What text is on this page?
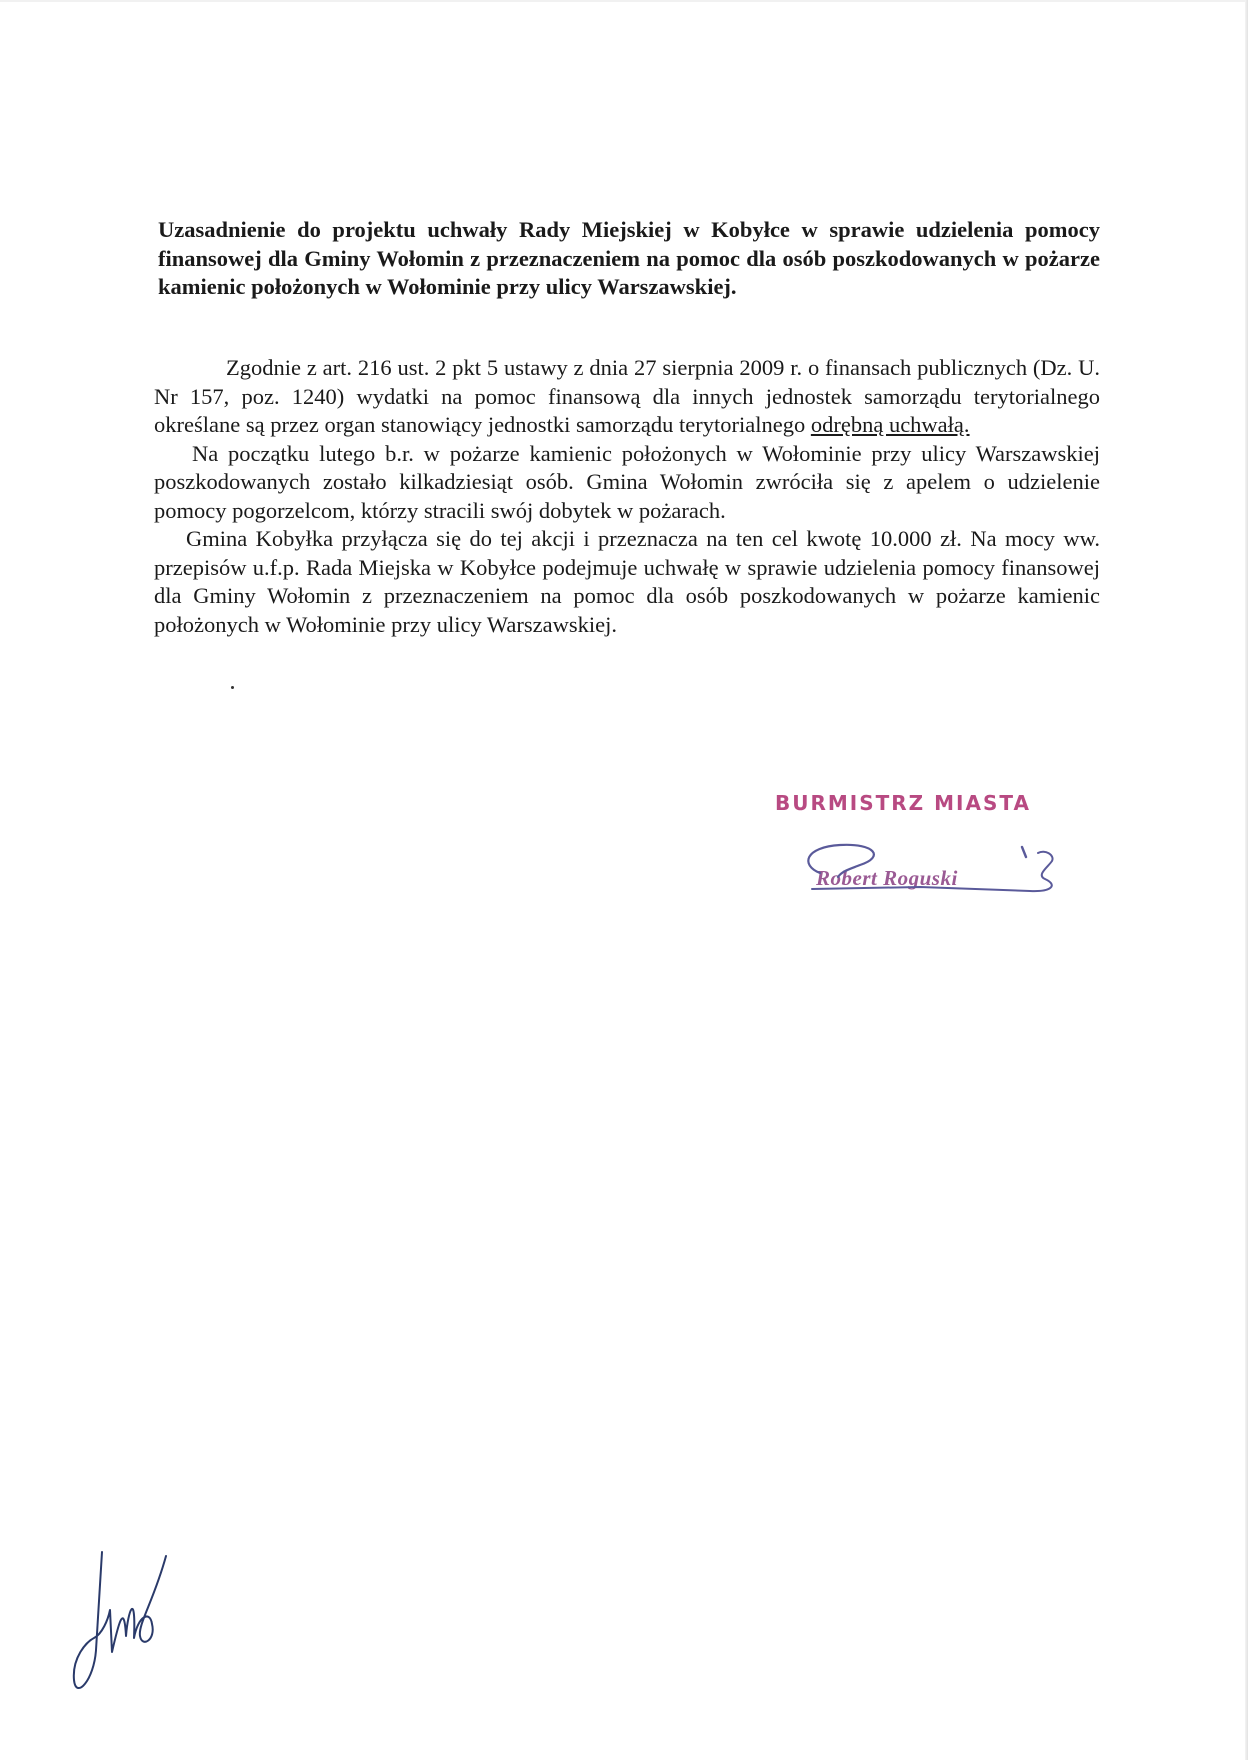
Uzasadnienie do projektu uchwały Rady Miejskiej w Kobyłce w sprawie udzielenia pomocy finansowej dla Gminy Wołomin z przeznaczeniem na pomoc dla osób poszkodowanych w pożarze kamienic położonych w Wołominie przy ulicy Warszawskiej.

Zgodnie z art. 216 ust. 2 pkt 5 ustawy z dnia 27 sierpnia 2009 r. o finansach publicznych (Dz. U. Nr 157, poz. 1240) wydatki na pomoc finansową dla innych jednostek samorządu terytorialnego określane są przez organ stanowiący jednostki samorządu terytorialnego odrębną uchwałą.

Na początku lutego b.r. w pożarze kamienic położonych w Wołominie przy ulicy Warszawskiej poszkodowanych zostało kilkadziesiąt osób. Gmina Wołomin zwróciła się z apelem o udzielenie pomocy pogorzelcom, którzy stracili swój dobytek w pożarach.

Gmina Kobyłka przyłącza się do tej akcji i przeznacza na ten cel kwotę 10.000 zł. Na mocy ww. przepisów u.f.p. Rada Miejska w Kobyłce podejmuje uchwałę w sprawie udzielenia pomocy finansowej dla Gminy Wołomin z przeznaczeniem na pomoc dla osób poszkodowanych w pożarze kamienic położonych w Wołominie przy ulicy Warszawskiej.

BURMISTRZ MIASTA
Robert Roguski
